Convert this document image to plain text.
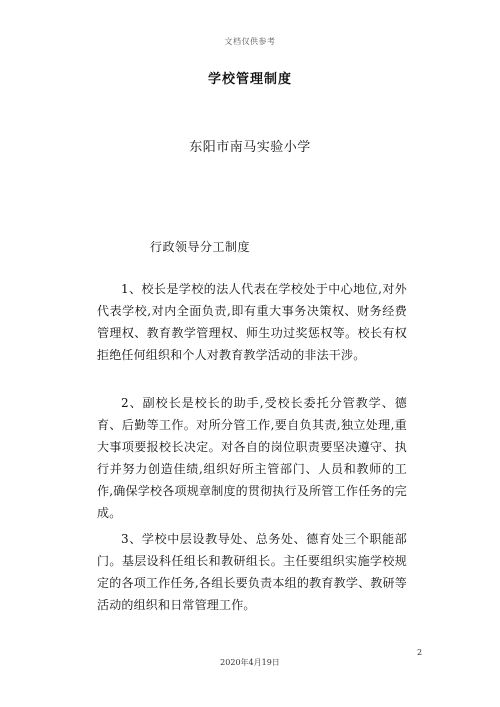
文档仅供参考
学校管理制度
东阳市南马实验小学
行政领导分工制度

1、校长是学校的法人代表在学校处于中心地位,对外代表学校,对内全面负责,即有重大事务决策权、财务经费管理权、教育教学管理权、师生功过奖惩权等。校长有权拒绝任何组织和个人对教育教学活动的非法干涉。

2、副校长是校长的助手,受校长委托分管教学、德育、后勤等工作。对所分管工作,要自负其责,独立处理,重大事项要报校长决定。对各自的岗位职责要坚决遵守、执行并努力创造佳绩,组织好所主管部门、人员和教师的工作,确保学校各项规章制度的贯彻执行及所管工作任务的完成。

3、学校中层设教导处、总务处、德育处三个职能部门。基层设科任组长和教研组长。主任要组织实施学校规定的各项工作任务,各组长要负责本组的教育教学、教研等活动的组织和日常管理工作。

2
2020年4月19日
